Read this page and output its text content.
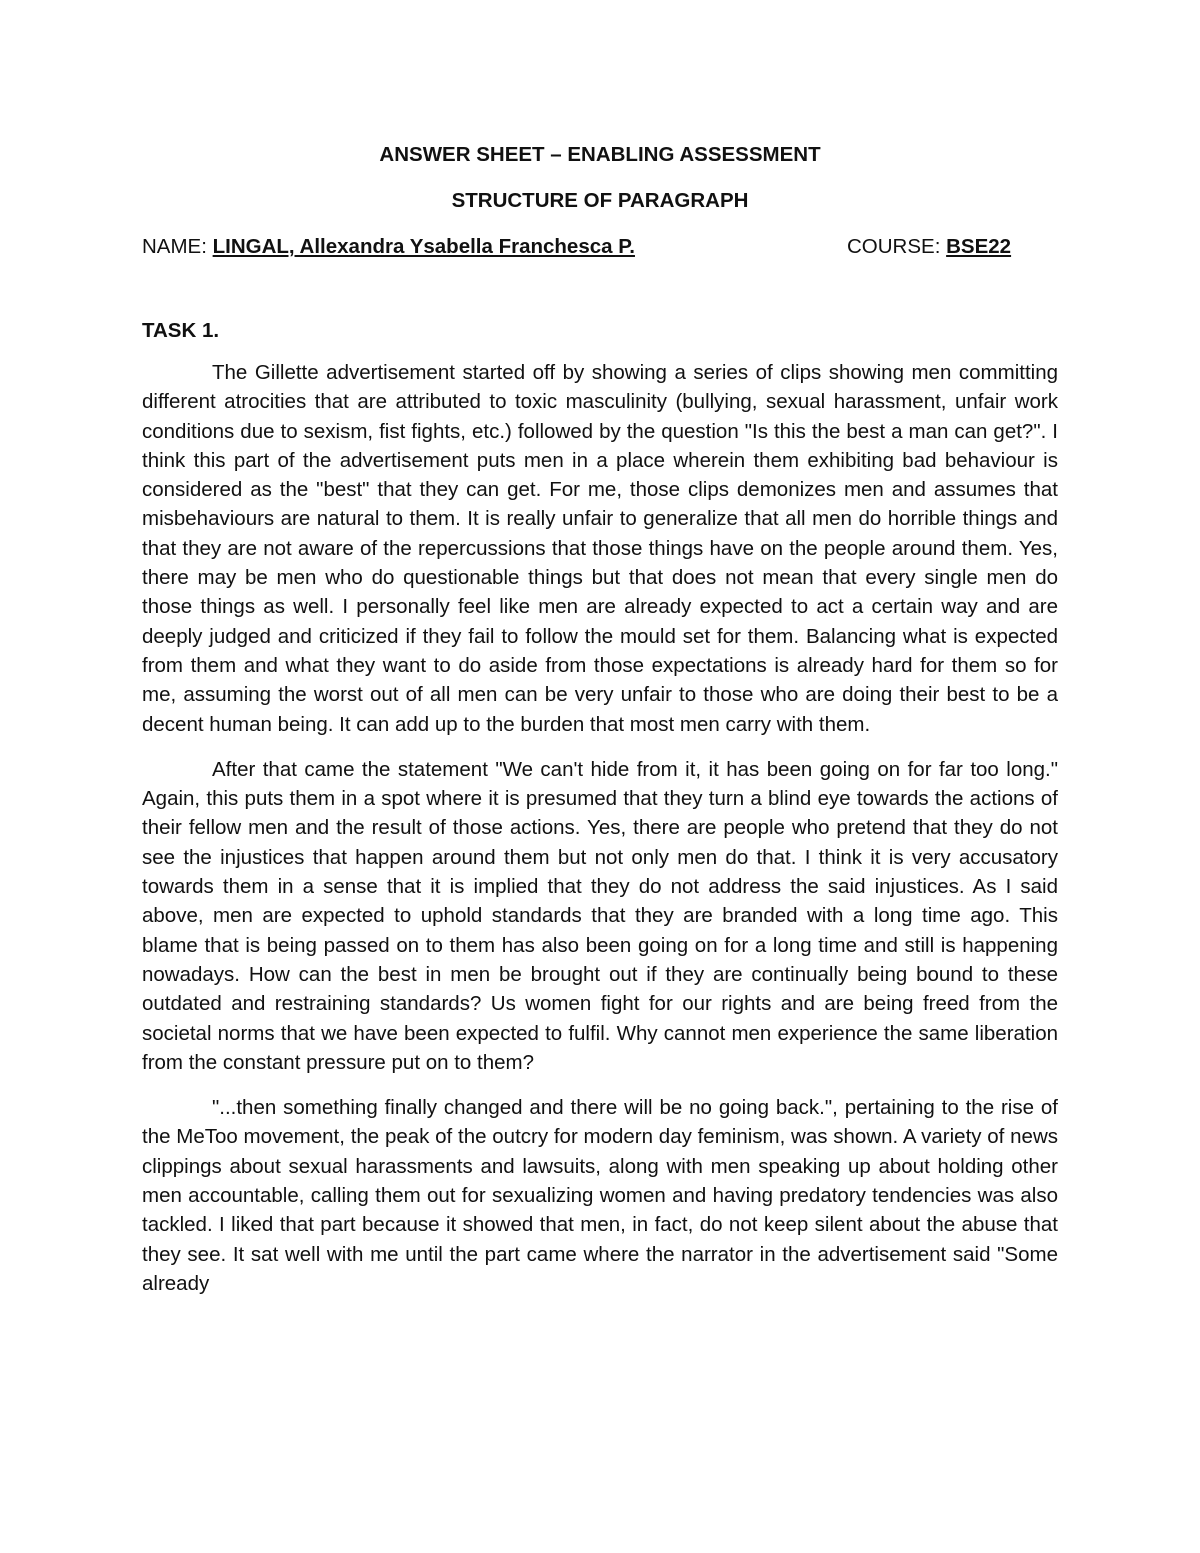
ANSWER SHEET – ENABLING ASSESSMENT
STRUCTURE OF PARAGRAPH
NAME: LINGAL, Allexandra Ysabella Franchesca P.	COURSE: BSE22
TASK 1.

The Gillette advertisement started off by showing a series of clips showing men committing different atrocities that are attributed to toxic masculinity (bullying, sexual harassment, unfair work conditions due to sexism, fist fights, etc.) followed by the question "Is this the best a man can get?". I think this part of the advertisement puts men in a place wherein them exhibiting bad behaviour is considered as the "best" that they can get. For me, those clips demonizes men and assumes that misbehaviours are natural to them. It is really unfair to generalize that all men do horrible things and that they are not aware of the repercussions that those things have on the people around them. Yes, there may be men who do questionable things but that does not mean that every single men do those things as well. I personally feel like men are already expected to act a certain way and are deeply judged and criticized if they fail to follow the mould set for them. Balancing what is expected from them and what they want to do aside from those expectations is already hard for them so for me, assuming the worst out of all men can be very unfair to those who are doing their best to be a decent human being. It can add up to the burden that most men carry with them.

After that came the statement "We can't hide from it, it has been going on for far too long." Again, this puts them in a spot where it is presumed that they turn a blind eye towards the actions of their fellow men and the result of those actions. Yes, there are people who pretend that they do not see the injustices that happen around them but not only men do that. I think it is very accusatory towards them in a sense that it is implied that they do not address the said injustices. As I said above, men are expected to uphold standards that they are branded with a long time ago. This blame that is being passed on to them has also been going on for a long time and still is happening nowadays. How can the best in men be brought out if they are continually being bound to these outdated and restraining standards? Us women fight for our rights and are being freed from the societal norms that we have been expected to fulfil. Why cannot men experience the same liberation from the constant pressure put on to them?

"...then something finally changed and there will be no going back.", pertaining to the rise of the MeToo movement, the peak of the outcry for modern day feminism, was shown. A variety of news clippings about sexual harassments and lawsuits, along with men speaking up about holding other men accountable, calling them out for sexualizing women and having predatory tendencies was also tackled. I liked that part because it showed that men, in fact, do not keep silent about the abuse that they see. It sat well with me until the part came where the narrator in the advertisement said "Some already
